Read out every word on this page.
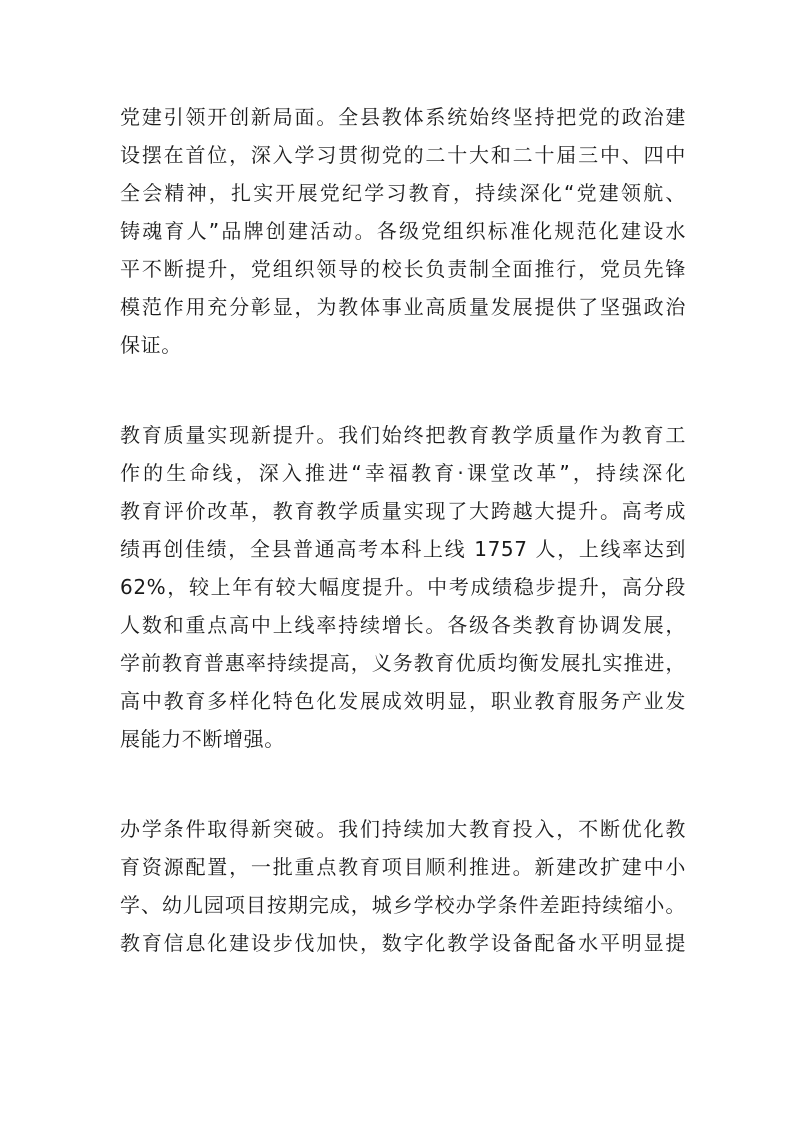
党建引领开创新局面。全县教体系统始终坚持把党的政治建
设摆在首位，深入学习贯彻党的二十大和二十届三中、四中
全会精神，扎实开展党纪学习教育，持续深化“党建领航、
铸魂育人”品牌创建活动。各级党组织标准化规范化建设水
平不断提升，党组织领导的校长负责制全面推行，党员先锋
模范作用充分彰显，为教体事业高质量发展提供了坚强政治
保证。
教育质量实现新提升。我们始终把教育教学质量作为教育工
作的生命线，深入推进“幸福教育·课堂改革”，持续深化
教育评价改革，教育教学质量实现了大跨越大提升。高考成
绩再创佳绩，全县普通高考本科上线 1757 人，上线率达到
62%，较上年有较大幅度提升。中考成绩稳步提升，高分段
人数和重点高中上线率持续增长。各级各类教育协调发展，
学前教育普惠率持续提高，义务教育优质均衡发展扎实推进，
高中教育多样化特色化发展成效明显，职业教育服务产业发
展能力不断增强。
办学条件取得新突破。我们持续加大教育投入，不断优化教
育资源配置，一批重点教育项目顺利推进。新建改扩建中小
学、幼儿园项目按期完成，城乡学校办学条件差距持续缩小。
教育信息化建设步伐加快，数字化教学设备配备水平明显提
